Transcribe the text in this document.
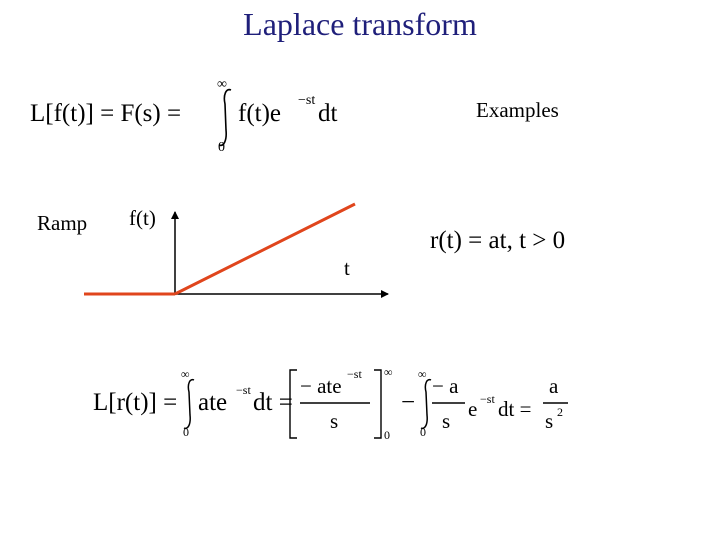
Laplace transform
Examples
Ramp f(t)
t
L[f(t)] = F(s) =
∞
0
f(t)e −st dt
r(t) = at, t > 0
L[r(t)] =
∞
0
ate −st dt =
− ate −st
s
∞
0
−
∞
0
− a
s e −st dt =
a
s 2
